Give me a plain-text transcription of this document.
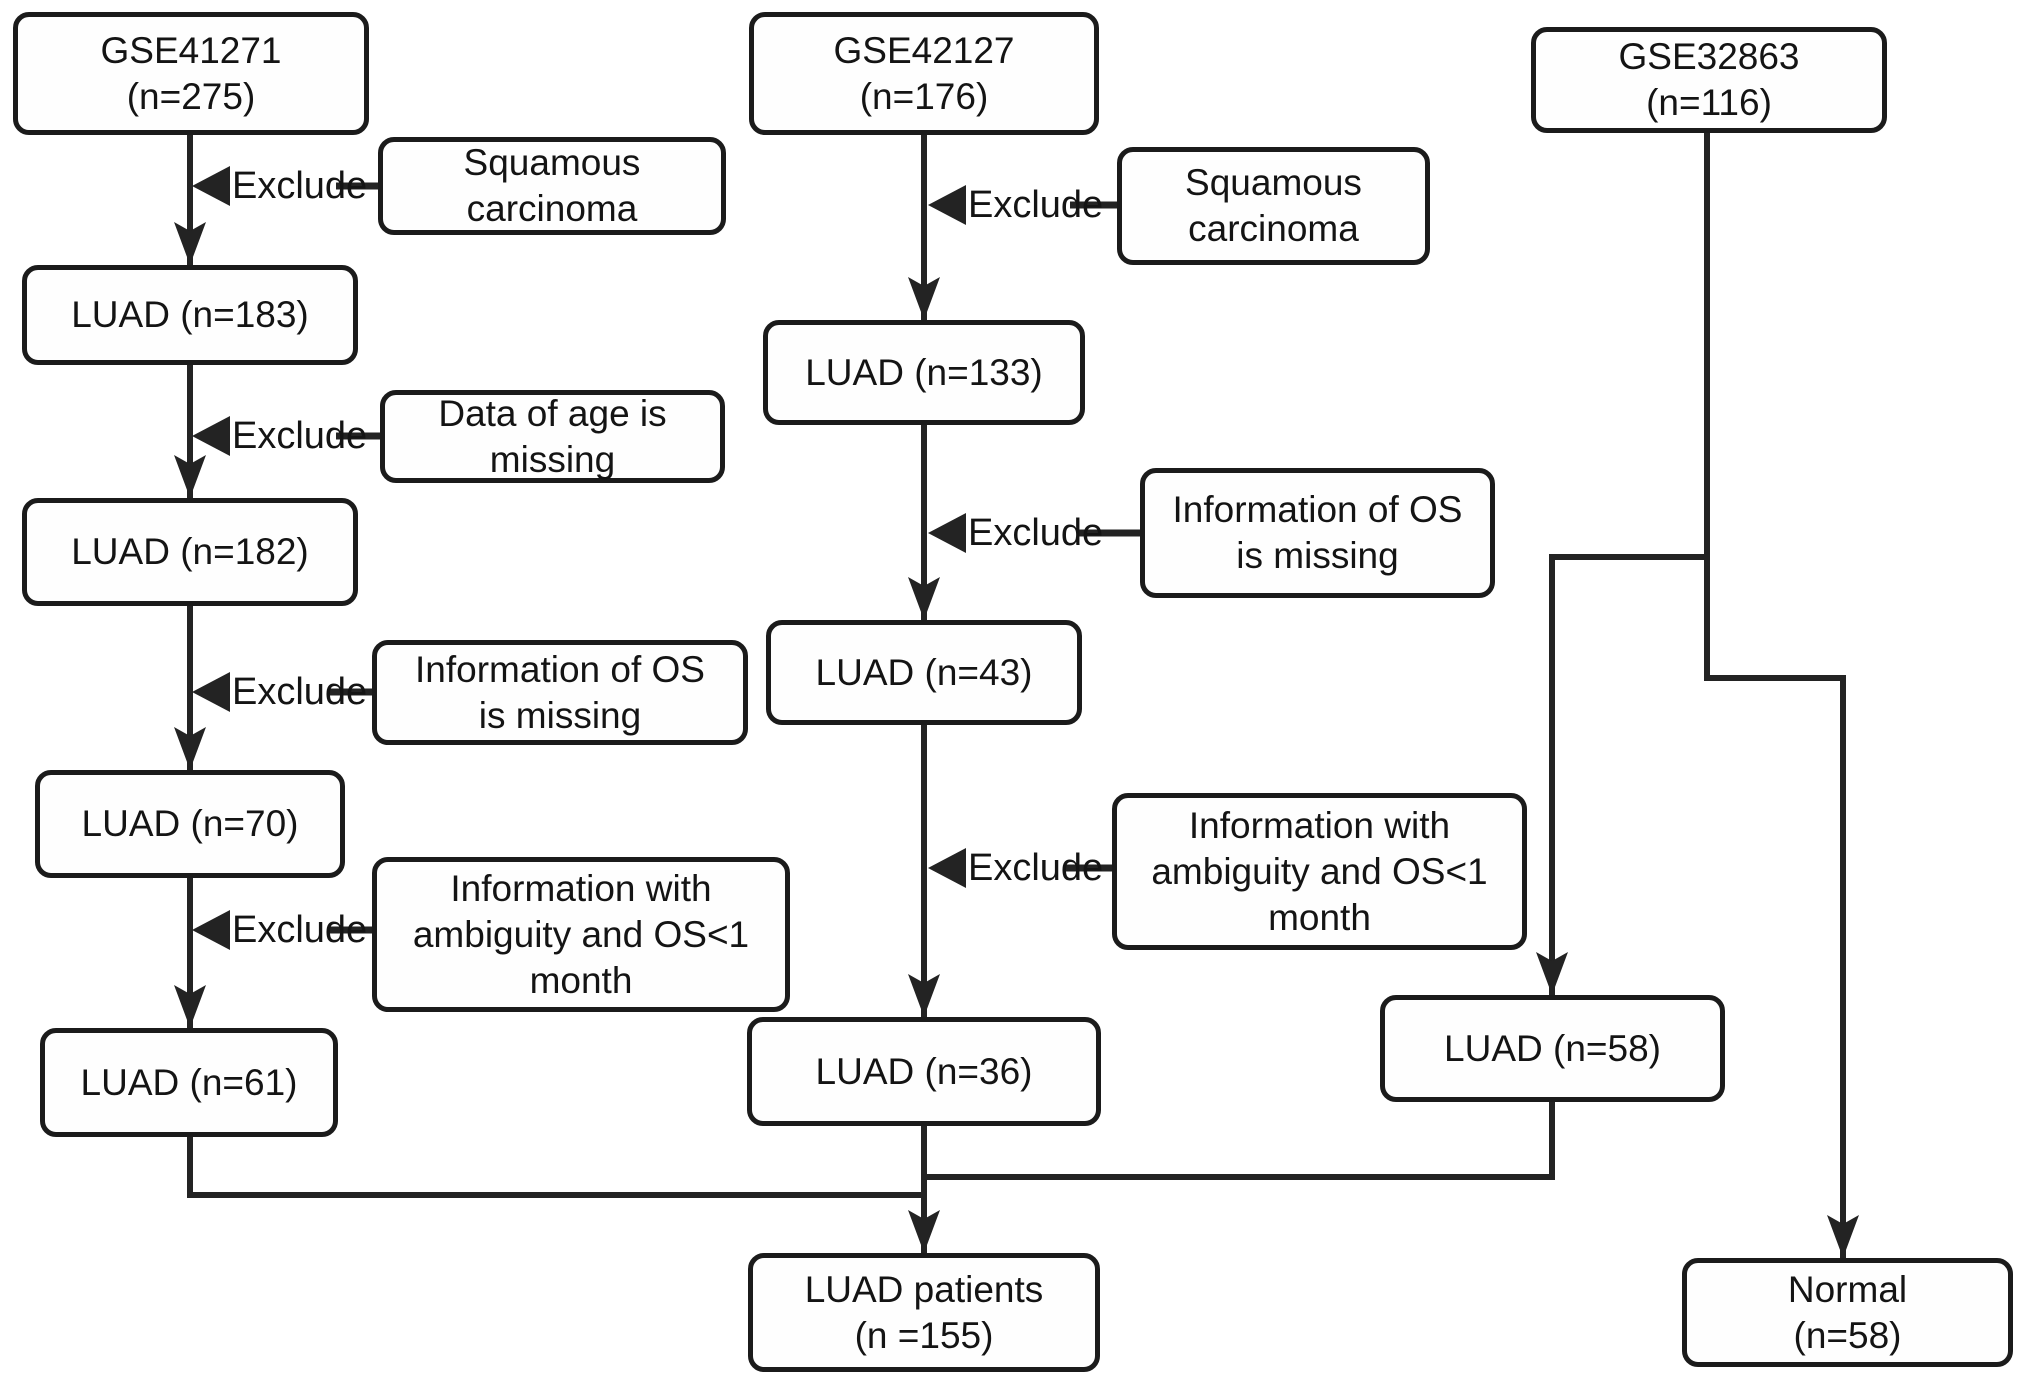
GSE41271
(n=275)
LUAD (n=183)
LUAD (n=182)
LUAD (n=70)
LUAD (n=61)
GSE42127
(n=176)
LUAD (n=133)
LUAD (n=43)
LUAD (n=36)
LUAD patients
(n =155)
GSE32863
(n=116)
LUAD (n=58)
Normal
(n=58)
Squamous
carcinoma
Data of age is
missing
Information of OS
is missing
Information with
ambiguity and OS<1
month
Squamous
carcinoma
Information of OS
is missing
Information with
ambiguity and OS<1
month
Exclude
Exclude
Exclude
Exclude
Exclude
Exclude
Exclude
